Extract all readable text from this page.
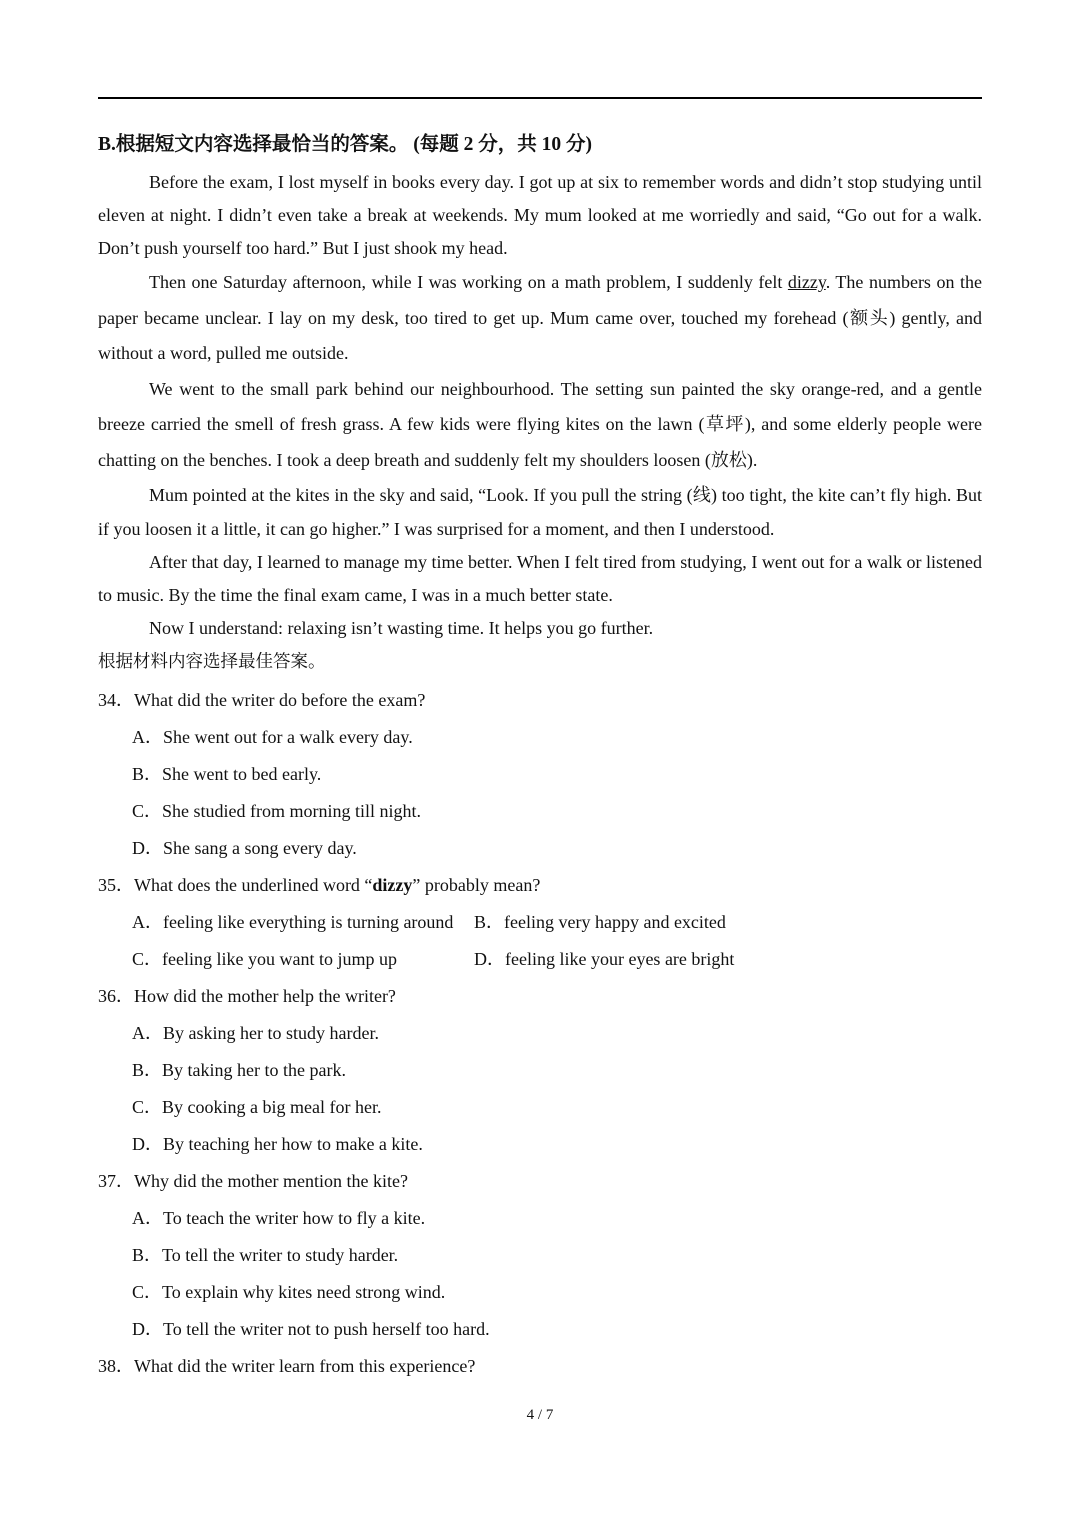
B.根据短文内容选择最恰当的答案。 (每题 2 分，共 10 分)

Before the exam, I lost myself in books every day. I got up at six to remember words and didn’t stop studying until eleven at night. I didn’t even take a break at weekends. My mum looked at me worriedly and said, “Go out for a walk. Don’t push yourself too hard.” But I just shook my head.

Then one Saturday afternoon, while I was working on a math problem, I suddenly felt dizzy. The numbers on the paper became unclear. I lay on my desk, too tired to get up. Mum came over, touched my forehead (额头) gently, and without a word, pulled me outside.

We went to the small park behind our neighbourhood. The setting sun painted the sky orange-red, and a gentle breeze carried the smell of fresh grass. A few kids were flying kites on the lawn (草坪), and some elderly people were chatting on the benches. I took a deep breath and suddenly felt my shoulders loosen (放松).

Mum pointed at the kites in the sky and said, “Look. If you pull the string (线) too tight, the kite can’t fly high. But if you loosen it a little, it can go higher.” I was surprised for a moment, and then I understood.

After that day, I learned to manage my time better. When I felt tired from studying, I went out for a walk or listened to music. By the time the final exam came, I was in a much better state.

Now I understand: relaxing isn’t wasting time. It helps you go further.

根据材料内容选择最佳答案。
34．What did the writer do before the exam?
A．She went out for a walk every day.
B．She went to bed early.
C．She studied from morning till night.
D．She sang a song every day.
35．What does the underlined word “dizzy” probably mean?
A．feeling like everything is turning around B．feeling very happy and excited
C．feeling like you want to jump up	D．feeling like your eyes are bright
36．How did the mother help the writer?
A．By asking her to study harder.
B．By taking her to the park.
C．By cooking a big meal for her.
D．By teaching her how to make a kite.
37．Why did the mother mention the kite?
A．To teach the writer how to fly a kite.
B．To tell the writer to study harder.
C．To explain why kites need strong wind.
D．To tell the writer not to push herself too hard.
38．What did the writer learn from this experience?
4 / 7
